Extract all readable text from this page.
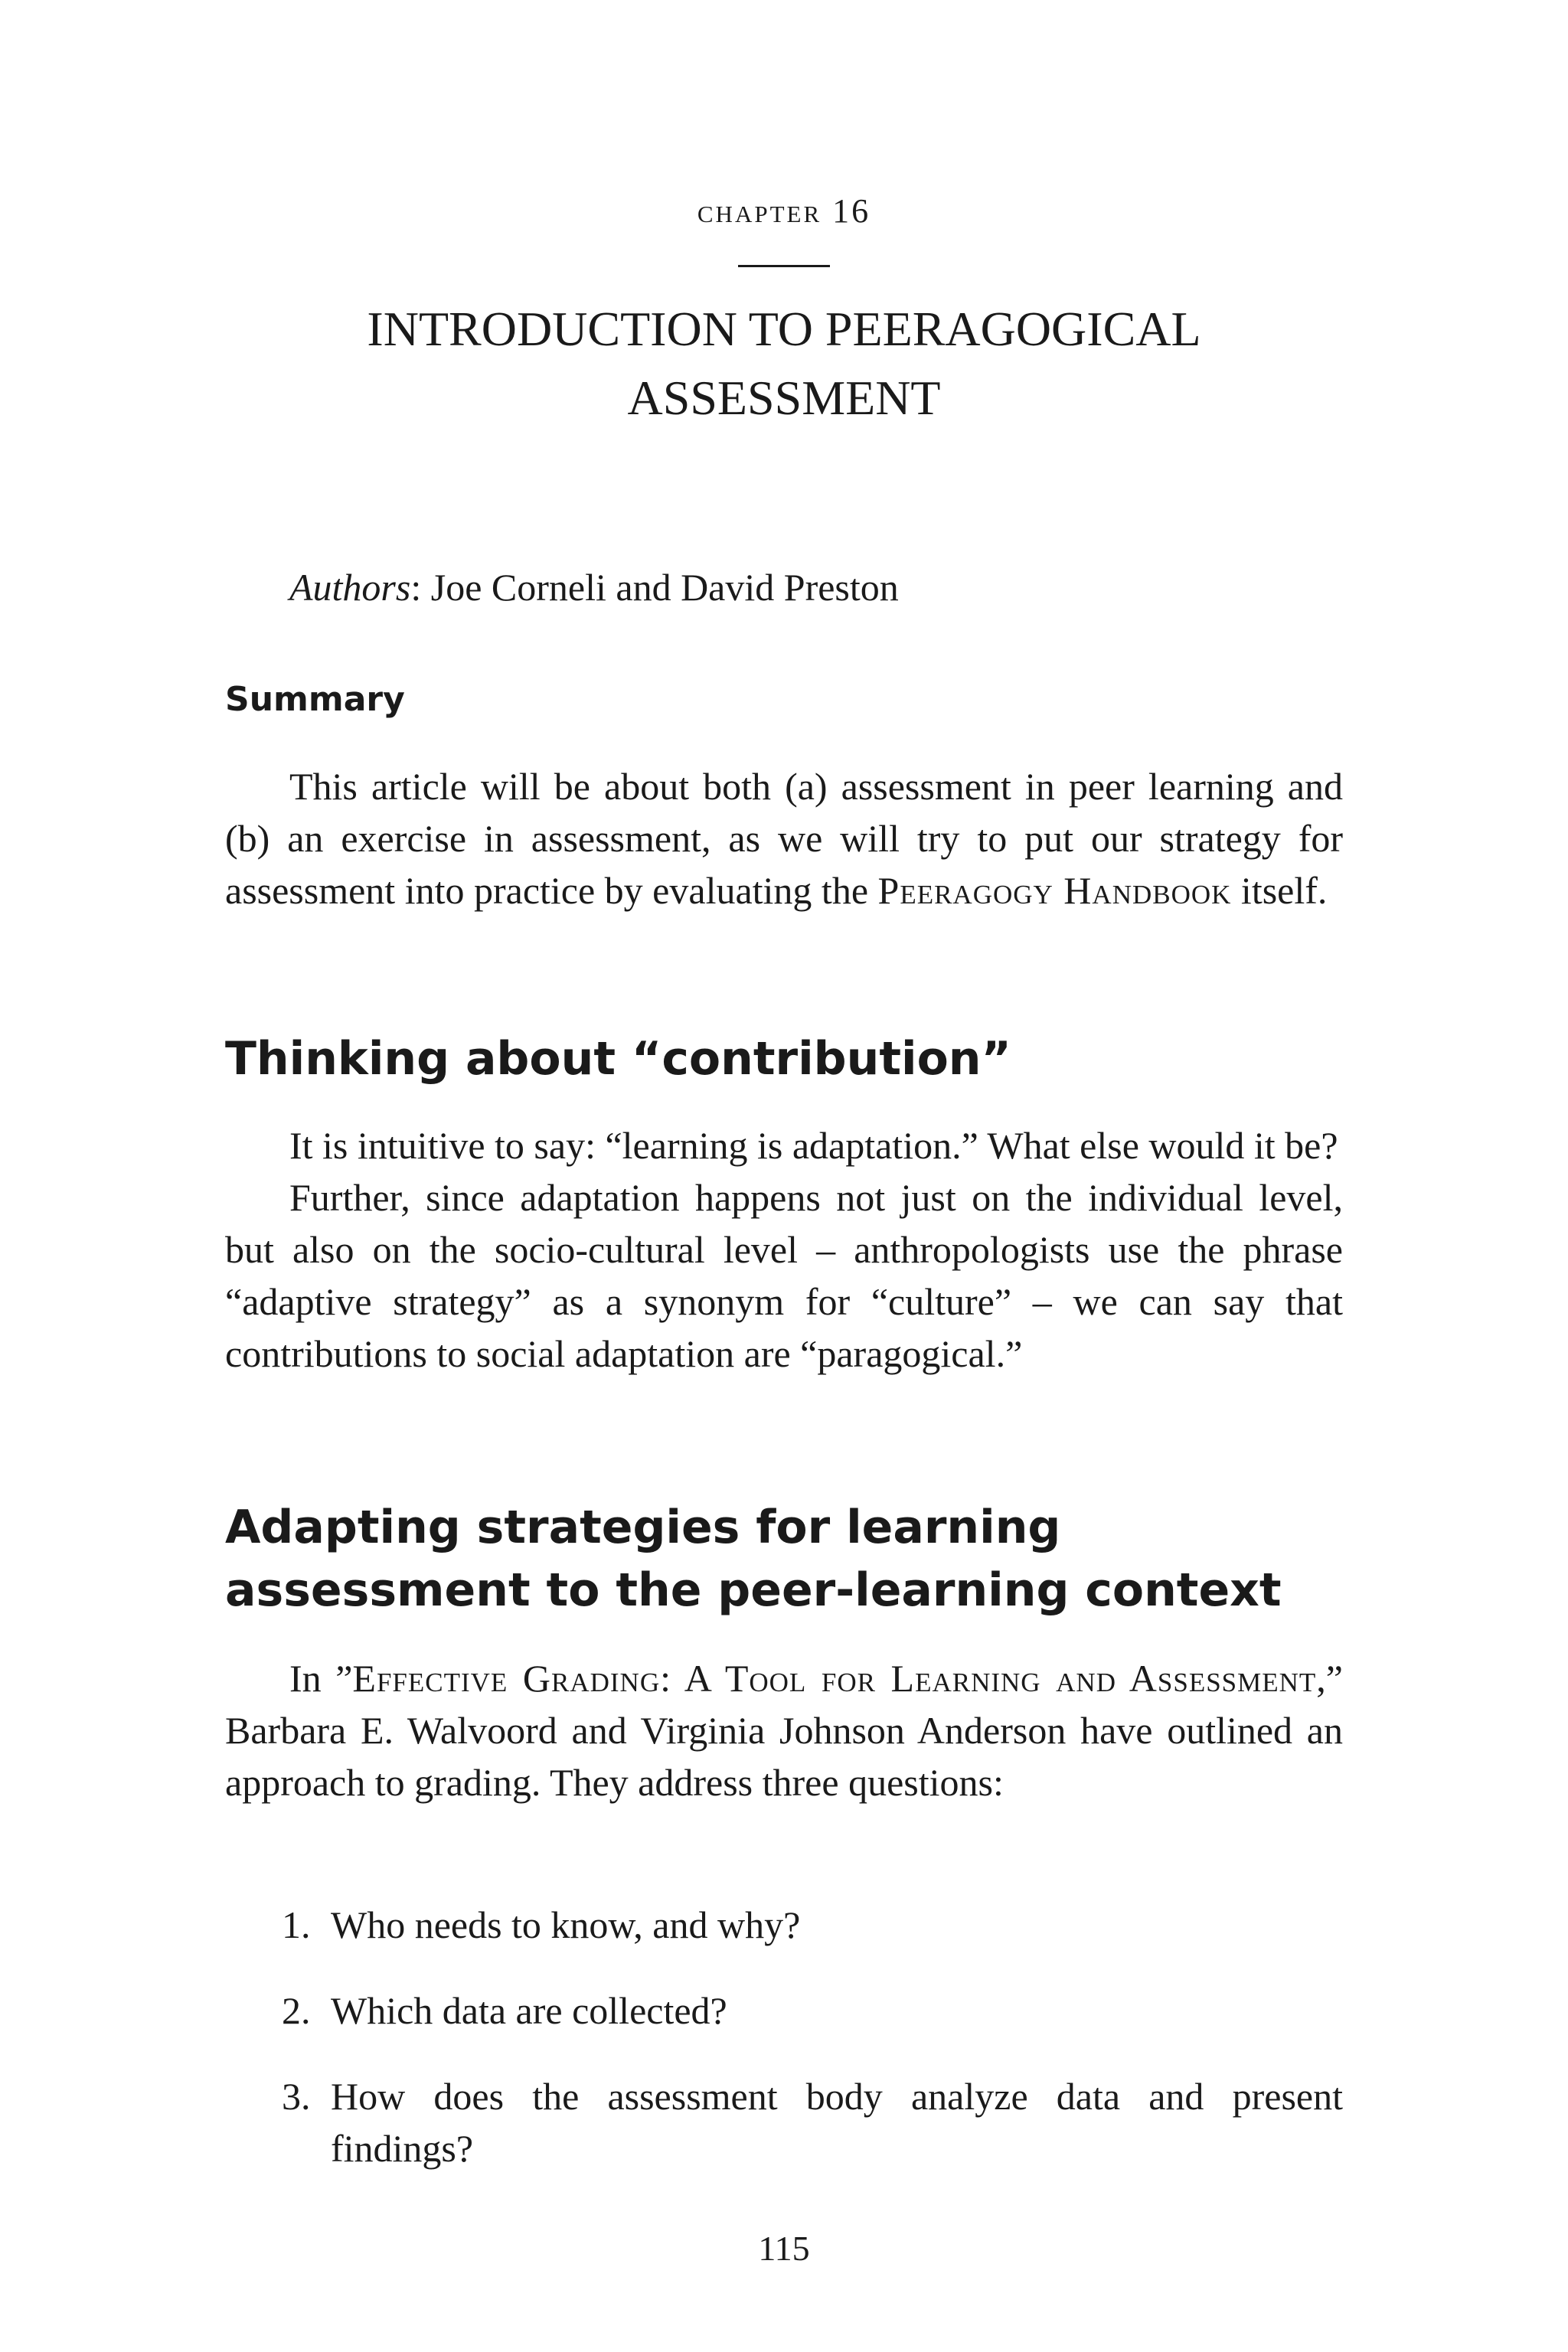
chapter 16
INTRODUCTION TO PEERAGOGICAL
ASSESSMENT
Authors: Joe Corneli and David Preston
Summary

This article will be about both (a) assessment in peer learning and (b) an exercise in assessment, as we will try to put our strategy for assessment into practice by evaluating the Peeragogy Handbook itself.

Thinking about “contribution”

It is intuitive to say: “learning is adaptation.” What else would it be?

Further, since adaptation happens not just on the individual level, but also on the socio-cultural level – anthropologists use the phrase “adaptive strategy” as a synonym for “culture” – we can say that contributions to social adaptation are “paragogical.”

Adapting strategies for learning assessment to the peer-learning context

In ”Effective Grading: A Tool for Learning and Assessment,” Barbara E. Walvoord and Virginia Johnson Anderson have outlined an approach to grading. They address three questions:

1. Who needs to know, and why?
2. Which data are collected?
3. How does the assessment body analyze data and present findings?
115
